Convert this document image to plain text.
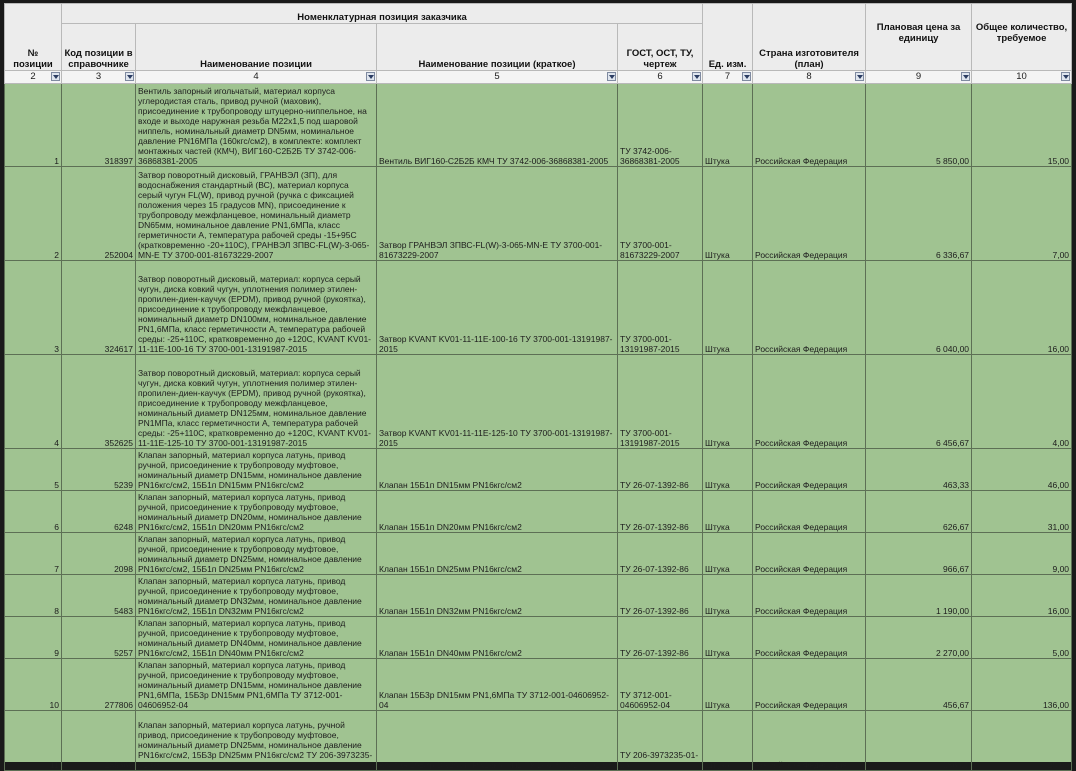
№ позиции	Номенклатурная позиция заказчика				Ед. изм.	Страна изготовителя (план)	Плановая цена за единицу	Общее количество, требуемое
	Код позиции в справочнике	Наименование позиции	Наименование позиции (краткое)	ГОСТ, ОСТ, ТУ, чертеж				
2	3	4	5	6	7	8	9	10

1	318397	Вентиль запорный игольчатый, материал корпуса углеродистая сталь, привод ручной (маховик), присоединение к трубопроводу штуцерно-ниппельное, на входе и выходе наружная резьба M22x1,5 под шаровой ниппель, номинальный диаметр DN5мм, номинальное давление PN16МПа (160кгс/см2), в комплекте: комплект монтажных частей (КМЧ), ВИГ160-С2Б2Б ТУ 3742-006-36868381-2005	Вентиль ВИГ160-С2Б2Б КМЧ ТУ 3742-006-36868381-2005	ТУ 3742-006-36868381-2005	Штука	Российская Федерация	5 850,00	15,00
2	252004	Затвор поворотный дисковый, ГРАНВЭЛ (ЗП), для водоснабжения стандартный (ВС), материал корпуса серый чугун FL(W), привод ручной (ручка с фиксацией положения через 15 градусов MN), присоединение к трубопроводу межфланцевое, номинальный диаметр DN65мм, номинальное давление PN1,6МПа, класс герметичности А, температура рабочей среды -15+95С (кратковременно -20+110С), ГРАНВЭЛ ЗПВС-FL(W)-3-065-MN-E ТУ 3700-001-81673229-2007	Затвор ГРАНВЭЛ ЗПВС-FL(W)-3-065-MN-E ТУ 3700-001-81673229-2007	ТУ 3700-001-81673229-2007	Штука	Российская Федерация	6 336,67	7,00
3	324617	Затвор поворотный дисковый, материал: корпуса серый чугун, диска ковкий чугун, уплотнения полимер этилен-пропилен-диен-каучук (EPDM), привод ручной (рукоятка), присоединение к трубопроводу межфланцевое, номинальный диаметр DN100мм, номинальное давление PN1,6МПа, класс герметичности А, температура рабочей среды: -25+110С, кратковременно до +120С, KVANT KV01-11-11E-100-16 ТУ 3700-001-13191987-2015	Затвор KVANT KV01-11-11E-100-16 ТУ 3700-001-13191987-2015	ТУ 3700-001-13191987-2015	Штука	Российская Федерация	6 040,00	16,00
4	352625	Затвор поворотный дисковый, материал: корпуса серый чугун, диска ковкий чугун, уплотнения полимер этилен-пропилен-диен-каучук (EPDM), привод ручной (рукоятка), присоединение к трубопроводу межфланцевое, номинальный диаметр DN125мм, номинальное давление PN1МПа, класс герметичности А, температура рабочей среды: -25+110С, кратковременно до +120С, KVANT KV01-11-11E-125-10 ТУ 3700-001-13191987-2015	Затвор KVANT KV01-11-11E-125-10 ТУ 3700-001-13191987-2015	ТУ 3700-001-13191987-2015	Штука	Российская Федерация	6 456,67	4,00
5	5239	Клапан запорный, материал корпуса латунь, привод ручной, присоединение к трубопроводу муфтовое, номинальный диаметр DN15мм, номинальное давление PN16кгс/см2, 15Б1п DN15мм PN16кгс/см2	Клапан 15Б1п DN15мм PN16кгс/см2	ТУ 26-07-1392-86	Штука	Российская Федерация	463,33	46,00
6	6248	Клапан запорный, материал корпуса латунь, привод ручной, присоединение к трубопроводу муфтовое, номинальный диаметр DN20мм, номинальное давление PN16кгс/см2, 15Б1п DN20мм PN16кгс/см2	Клапан 15Б1п DN20мм PN16кгс/см2	ТУ 26-07-1392-86	Штука	Российская Федерация	626,67	31,00
7	2098	Клапан запорный, материал корпуса латунь, привод ручной, присоединение к трубопроводу муфтовое, номинальный диаметр DN25мм, номинальное давление PN16кгс/см2, 15Б1п DN25мм PN16кгс/см2	Клапан 15Б1п DN25мм PN16кгс/см2	ТУ 26-07-1392-86	Штука	Российская Федерация	966,67	9,00
8	5483	Клапан запорный, материал корпуса латунь, привод ручной, присоединение к трубопроводу муфтовое, номинальный диаметр DN32мм, номинальное давление PN16кгс/см2, 15Б1п DN32мм PN16кгс/см2	Клапан 15Б1п DN32мм PN16кгс/см2	ТУ 26-07-1392-86	Штука	Российская Федерация	1 190,00	16,00
9	5257	Клапан запорный, материал корпуса латунь, привод ручной, присоединение к трубопроводу муфтовое, номинальный диаметр DN40мм, номинальное давление PN16кгс/см2, 15Б1п DN40мм PN16кгс/см2	Клапан 15Б1п DN40мм PN16кгс/см2	ТУ 26-07-1392-86	Штука	Российская Федерация	2 270,00	5,00
10	277806	Клапан запорный, материал корпуса латунь, привод ручной, присоединение к трубопроводу муфтовое, номинальный диаметр DN15мм, номинальное давление PN1,6МПа, 15Б3р DN15мм PN1,6МПа ТУ 3712-001-04606952-04	Клапан 15Б3р DN15мм PN1,6МПа ТУ 3712-001-04606952-04	ТУ 3712-001-04606952-04	Штука	Российская Федерация	456,67	136,00
11	285369	Клапан запорный, материал корпуса латунь, ручной привод, присоединение к трубопроводу муфтовое, номинальный диаметр DN25мм, номинальное давление PN16кгс/см2, 15Б3р DN25мм PN16кгс/см2 ТУ 206-3973235-01-93	Клапан 15Б3р DN25мм PN16кгс/см2 ТУ 206-3973235-01-93	ТУ 206-3973235-01-93	Штука	Российская Федерация	986,67	25,00
